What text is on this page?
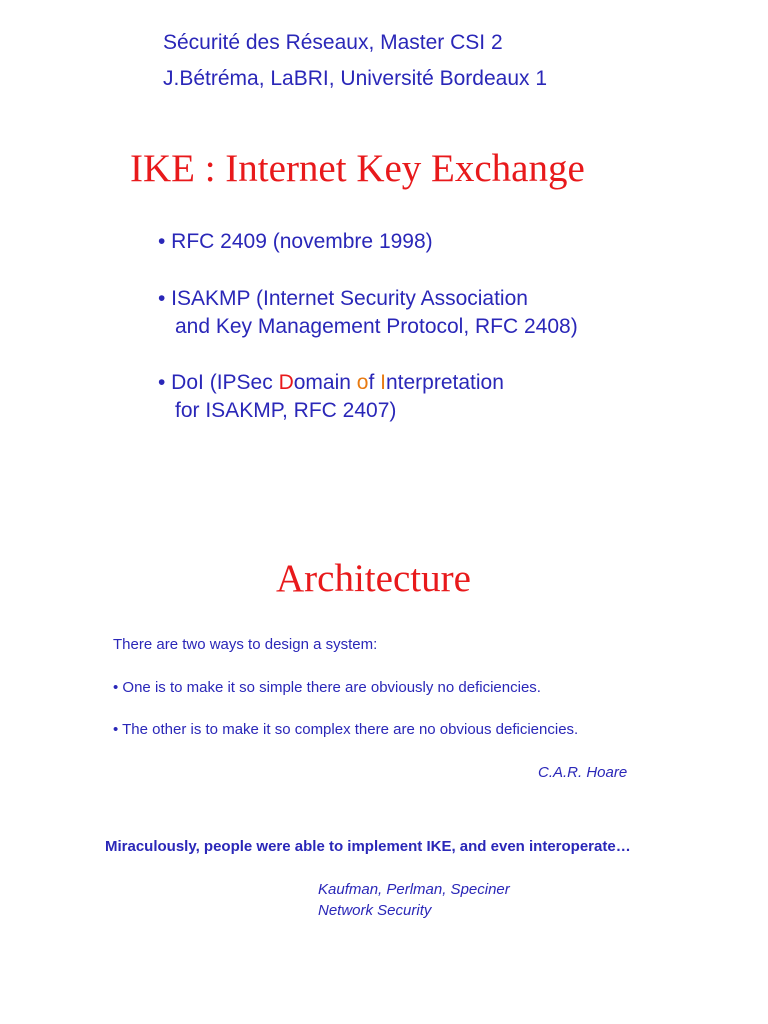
Sécurité des Réseaux, Master CSI 2
J.Bétréma, LaBRI, Université Bordeaux 1
IKE : Internet Key Exchange
• RFC 2409 (novembre 1998)
• ISAKMP (Internet Security Association
and Key Management Protocol, RFC 2408)
• DoI (IPSec Domain of Interpretation
for ISAKMP, RFC 2407)
Architecture
There are two ways to design a system:
• One is to make it so simple there are obviously no deficiencies.
• The other is to make it so complex there are no obvious deficiencies.
C.A.R. Hoare
Miraculously, people were able to implement IKE, and even interoperate…
Kaufman, Perlman, Speciner
Network Security
